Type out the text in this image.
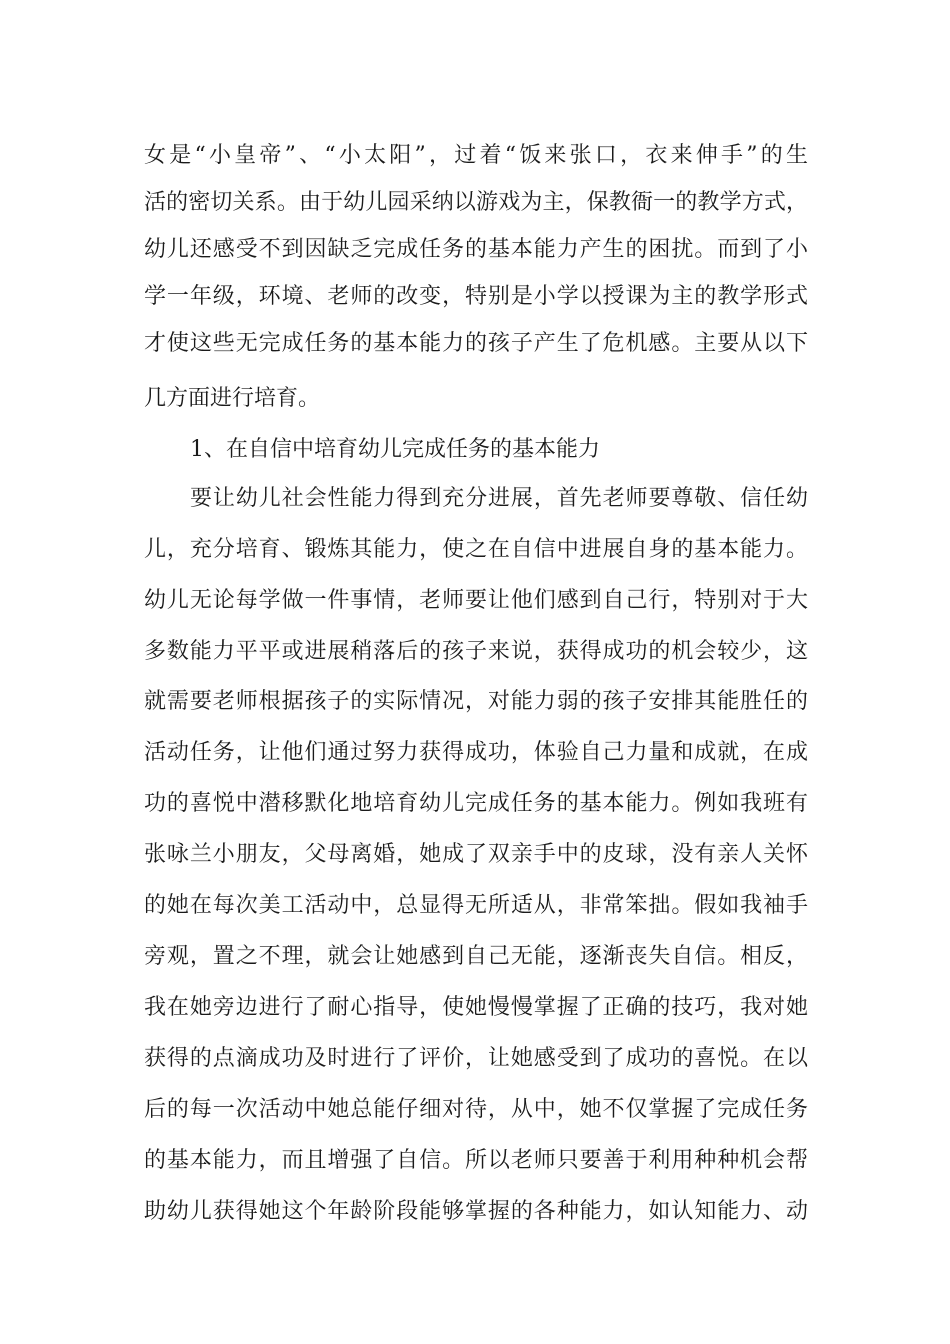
女是“小皇帝”、“小太阳”，过着“饭来张口，衣来伸手”的生
活的密切关系。由于幼儿园采纳以游戏为主，保教衙一的教学方式，
幼儿还感受不到因缺乏完成任务的基本能力产生的困扰。而到了小
学一年级，环境、老师的改变，特别是小学以授课为主的教学形式
才使这些无完成任务的基本能力的孩子产生了危机感。主要从以下
几方面进行培育。
1、在自信中培育幼儿完成任务的基本能力
要让幼儿社会性能力得到充分进展，首先老师要尊敬、信任幼
儿，充分培育、锻炼其能力，使之在自信中进展自身的基本能力。
幼儿无论每学做一件事情，老师要让他们感到自己行，特别对于大
多数能力平平或进展稍落后的孩子来说，获得成功的机会较少，这
就需要老师根据孩子的实际情况，对能力弱的孩子安排其能胜任的
活动任务，让他们通过努力获得成功，体验自己力量和成就，在成
功的喜悦中潜移默化地培育幼儿完成任务的基本能力。例如我班有
张咏兰小朋友，父母离婚，她成了双亲手中的皮球，没有亲人关怀
的她在每次美工活动中，总显得无所适从，非常笨拙。假如我袖手
旁观，置之不理，就会让她感到自己无能，逐渐丧失自信。相反，
我在她旁边进行了耐心指导，使她慢慢掌握了正确的技巧，我对她
获得的点滴成功及时进行了评价，让她感受到了成功的喜悦。在以
后的每一次活动中她总能仔细对待，从中，她不仅掌握了完成任务
的基本能力，而且增强了自信。所以老师只要善于利用种种机会帮
助幼儿获得她这个年龄阶段能够掌握的各种能力，如认知能力、动
